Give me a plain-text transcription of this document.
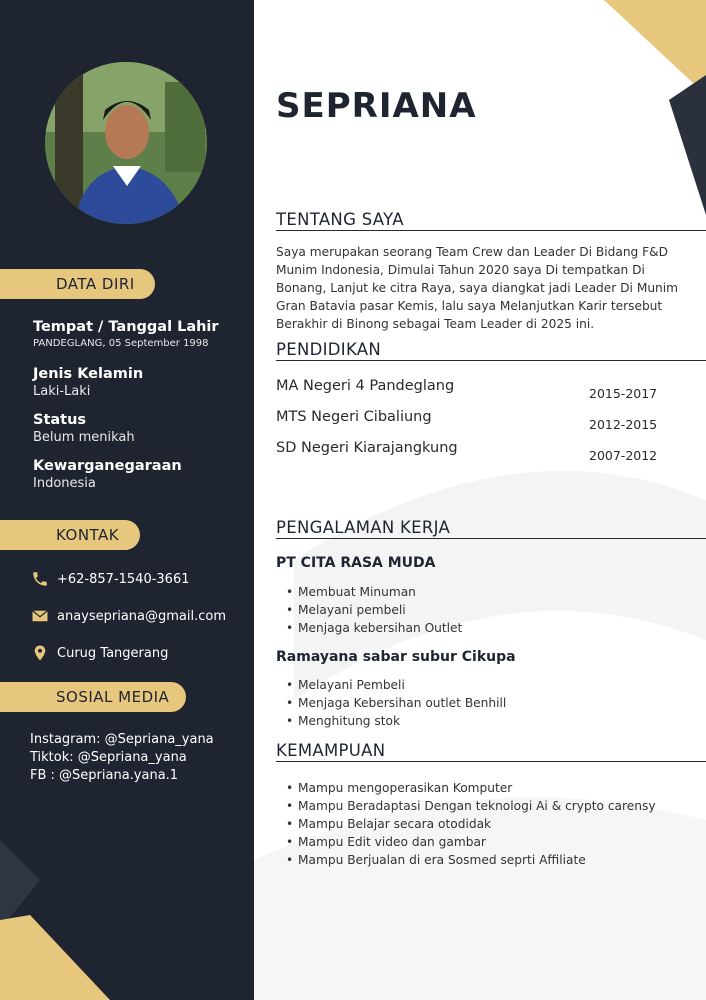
DATA DIRI
Tempat / Tanggal Lahir
PANDEGLANG, 05 September 1998
Jenis Kelamin
Laki-Laki
Status
Belum menikah
Kewarganegaraan
Indonesia
KONTAK
+62-857-1540-3661
anaysepriana@gmail.com
Curug Tangerang
SOSIAL MEDIA
Instagram: @Sepriana_yana
Tiktok: @Sepriana_yana
FB : @Sepriana.yana.1
SEPRIANA
TENTANG SAYA
Saya merupakan seorang Team Crew dan Leader Di Bidang F&D Munim Indonesia, Dimulai Tahun 2020 saya Di tempatkan Di Bonang, Lanjut ke citra Raya, saya diangkat jadi Leader Di Munim Gran Batavia pasar Kemis, lalu saya Melanjutkan Karir tersebut Berakhir di Binong sebagai Team Leader di 2025 ini.
PENDIDIKAN
MA Negeri 4 Pandeglang	2015-2017
MTS Negeri Cibaliung	2012-2015
SD Negeri Kiarajangkung	2007-2012
PENGALAMAN KERJA
PT CITA RASA MUDA
• Membuat Minuman
• Melayani pembeli
• Menjaga kebersihan Outlet
Ramayana sabar subur Cikupa
• Melayani Pembeli
• Menjaga Kebersihan outlet Benhill
• Menghitung stok
KEMAMPUAN
• Mampu mengoperasikan Komputer
• Mampu Beradaptasi Dengan teknologi Ai & crypto carensy
• Mampu Belajar secara otodidak
• Mampu Edit video dan gambar
• Mampu Berjualan di era Sosmed seprti Affiliate
